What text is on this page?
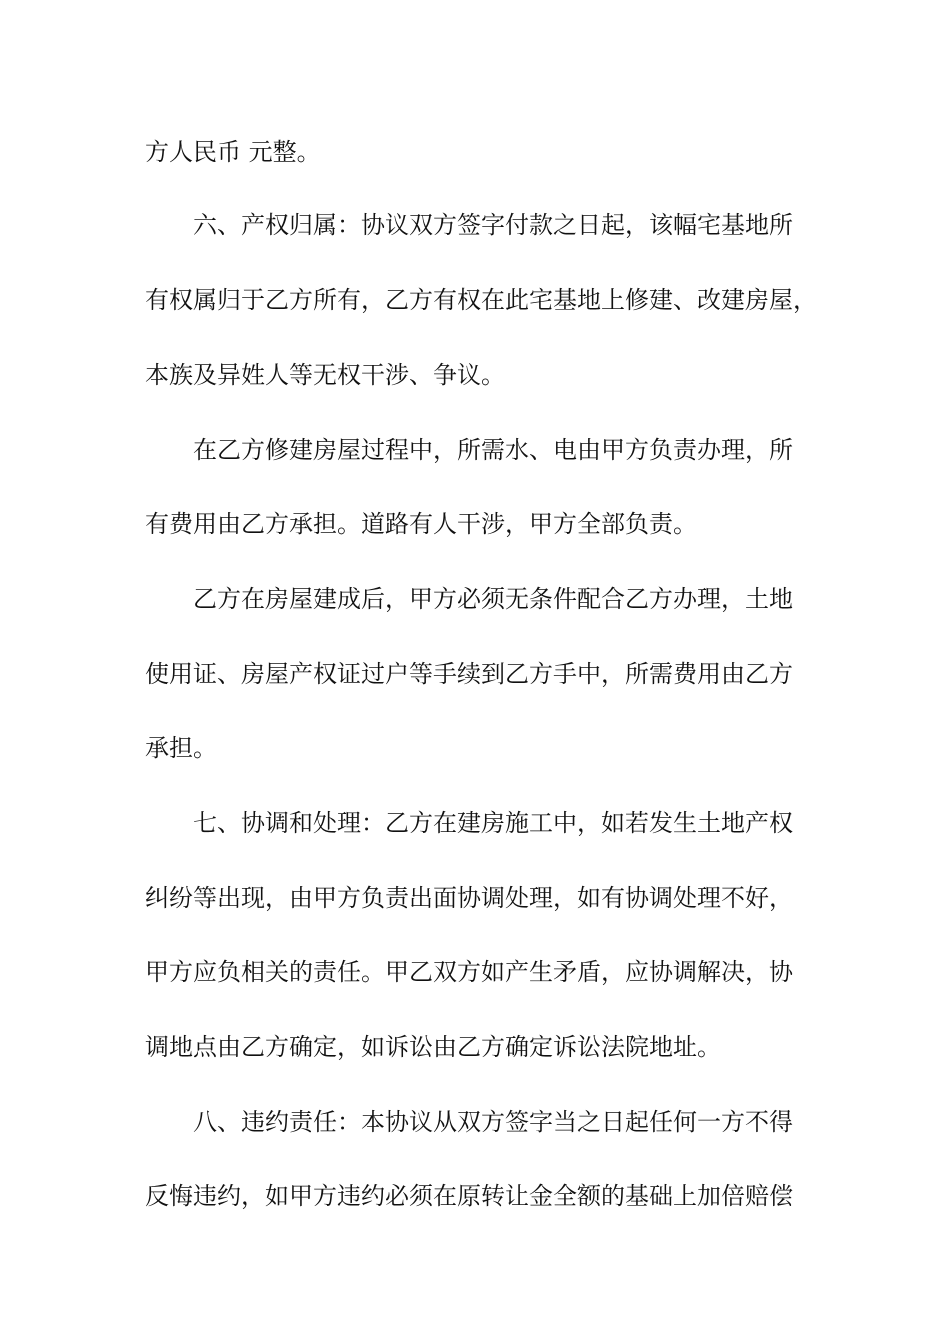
方人民币 元整。
六、产权归属：协议双方签字付款之日起，该幅宅基地所
有权属归于乙方所有，乙方有权在此宅基地上修建、改建房屋，
本族及异姓人等无权干涉、争议。
在乙方修建房屋过程中，所需水、电由甲方负责办理，所
有费用由乙方承担。道路有人干涉，甲方全部负责。
乙方在房屋建成后，甲方必须无条件配合乙方办理，土地
使用证、房屋产权证过户等手续到乙方手中，所需费用由乙方
承担。
七、协调和处理：乙方在建房施工中，如若发生土地产权
纠纷等出现，由甲方负责出面协调处理，如有协调处理不好，
甲方应负相关的责任。甲乙双方如产生矛盾，应协调解决，协
调地点由乙方确定，如诉讼由乙方确定诉讼法院地址。
八、违约责任：本协议从双方签字当之日起任何一方不得
反悔违约，如甲方违约必须在原转让金全额的基础上加倍赔偿
